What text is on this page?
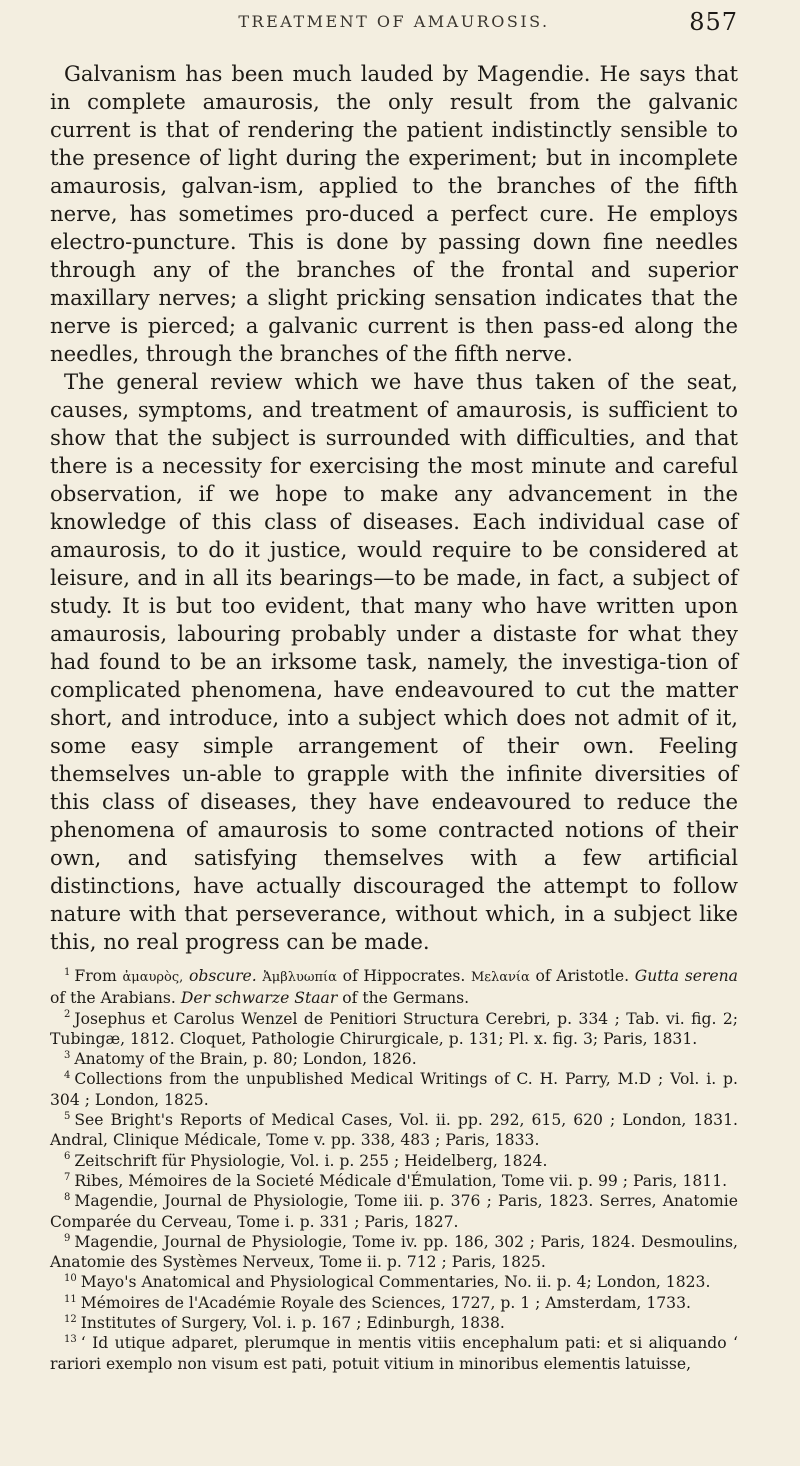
TREATMENT OF AMAUROSIS.	857

Galvanism has been much lauded by Magendie. He says that in complete amaurosis, the only result from the galvanic current is that of rendering the patient indistinctly sensible to the presence of light during the experiment; but in incomplete amaurosis, galvan-ism, applied to the branches of the fifth nerve, has sometimes pro-duced a perfect cure. He employs electro-puncture. This is done by passing down fine needles through any of the branches of the frontal and superior maxillary nerves; a slight pricking sensation indicates that the nerve is pierced; a galvanic current is then pass-ed along the needles, through the branches of the fifth nerve.

The general review which we have thus taken of the seat, causes, symptoms, and treatment of amaurosis, is sufficient to show that the subject is surrounded with difficulties, and that there is a necessity for exercising the most minute and careful observation, if we hope to make any advancement in the knowledge of this class of diseases. Each individual case of amaurosis, to do it justice, would require to be considered at leisure, and in all its bearings—to be made, in fact, a subject of study. It is but too evident, that many who have written upon amaurosis, labouring probably under a distaste for what they had found to be an irksome task, namely, the investiga-tion of complicated phenomena, have endeavoured to cut the matter short, and introduce, into a subject which does not admit of it, some easy simple arrangement of their own. Feeling themselves un-able to grapple with the infinite diversities of this class of diseases, they have endeavoured to reduce the phenomena of amaurosis to some contracted notions of their own, and satisfying themselves with a few artificial distinctions, have actually discouraged the attempt to follow nature with that perseverance, without which, in a subject like this, no real progress can be made.

$^1$ From ἀμαυρὸς, obscure. Ἀμβλυωπία of Hippocrates. Μελανία of Aristotle. Gutta serena of the Arabians. Der schwarze Staar of the Germans.

$^2$ Josephus et Carolus Wenzel de Penitiori Structura Cerebri, p. 334 ; Tab. vi. fig. 2; Tubingæ, 1812. Cloquet, Pathologie Chirurgicale, p. 131; Pl. x. fig. 3; Paris, 1831.

$^3$ Anatomy of the Brain, p. 80; London, 1826.

$^4$ Collections from the unpublished Medical Writings of C. H. Parry, M.D ; Vol. i. p. 304 ; London, 1825.

$^5$ See Bright's Reports of Medical Cases, Vol. ii. pp. 292, 615, 620 ; London, 1831. Andral, Clinique Médicale, Tome v. pp. 338, 483 ; Paris, 1833.

$^6$ Zeitschrift für Physiologie, Vol. i. p. 255 ; Heidelberg, 1824.

$^7$ Ribes, Mémoires de la Societé Médicale d'Émulation, Tome vii. p. 99 ; Paris, 1811.

$^8$ Magendie, Journal de Physiologie, Tome iii. p. 376 ; Paris, 1823. Serres, Anatomie Comparée du Cerveau, Tome i. p. 331 ; Paris, 1827.

$^9$ Magendie, Journal de Physiologie, Tome iv. pp. 186, 302 ; Paris, 1824. Desmoulins, Anatomie des Systèmes Nerveux, Tome ii. p. 712 ; Paris, 1825.

$^{10}$ Mayo's Anatomical and Physiological Commentaries, No. ii. p. 4; London, 1823.

$^{11}$ Mémoires de l'Académie Royale des Sciences, 1727, p. 1 ; Amsterdam, 1733.

$^{12}$ Institutes of Surgery, Vol. i. p. 167 ; Edinburgh, 1838.

$^{13}$ ‘ Id utique adparet, plerumque in mentis vitiis encephalum pati: et si aliquando ‘ rariori exemplo non visum est pati, potuit vitium in minoribus elementis latuisse,
